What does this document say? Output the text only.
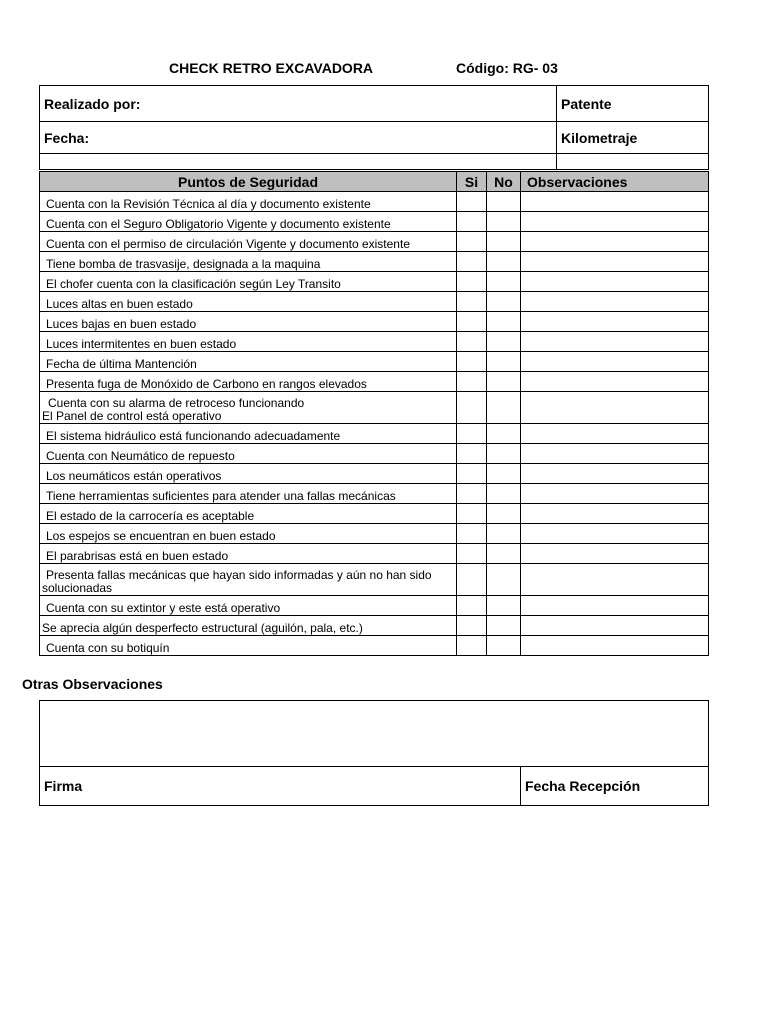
CHECK RETRO EXCAVADORA	Código: RG- 03
Realizado por:	Patente
Fecha:	Kilometraje

Puntos de Seguridad	Si	No	Observaciones
Cuenta con la Revisión Técnica al día y documento existente			
Cuenta con el Seguro Obligatorio Vigente y documento existente			
Cuenta con el permiso de circulación Vigente y documento existente			
Tiene bomba de trasvasije, designada a la maquina			
El chofer cuenta con la clasificación según Ley Transito			
Luces altas en buen estado			
Luces bajas en buen estado			
Luces intermitentes en buen estado			
Fecha de última Mantención			
Presenta fuga de Monóxido de Carbono en rangos elevados			
Cuenta con su alarma de retroceso funcionando
El Panel de control está operativo			
El sistema hidráulico está funcionando adecuadamente			
Cuenta con Neumático de repuesto			
Los neumáticos están operativos			
Tiene herramientas suficientes para atender una fallas mecánicas			
El estado de la carrocería es aceptable			
Los espejos se encuentran en buen estado			
El parabrisas está en buen estado			
Presenta fallas mecánicas que hayan sido informadas y aún no han sido
solucionadas			
Cuenta con su extintor y este está operativo			
Se aprecia algún desperfecto estructural (aguilón, pala, etc.)			
Cuenta con su botiquín			
Otras Observaciones

Firma	Fecha Recepción
